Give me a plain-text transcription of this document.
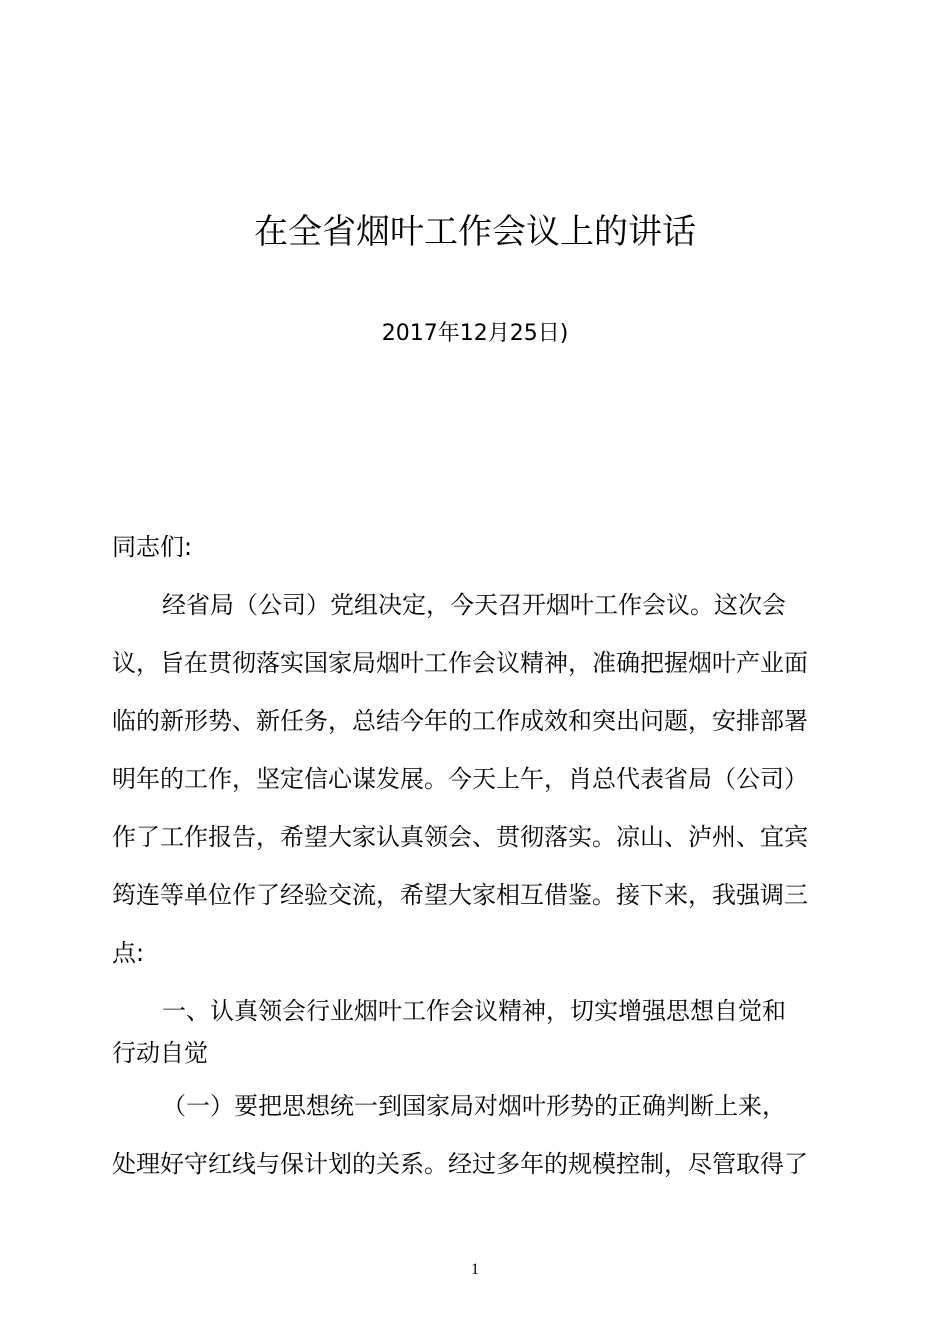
在全省烟叶工作会议上的讲话
2017年12月25日)
同志们:
经省局（公司）党组决定，今天召开烟叶工作会议。这次会
议，旨在贯彻落实国家局烟叶工作会议精神，准确把握烟叶产业面
临的新形势、新任务，总结今年的工作成效和突出问题，安排部署
明年的工作，坚定信心谋发展。今天上午，肖总代表省局（公司）
作了工作报告，希望大家认真领会、贯彻落实。凉山、泸州、宜宾
筠连等单位作了经验交流，希望大家相互借鉴。接下来，我强调三
点:
一、认真领会行业烟叶工作会议精神，切实增强思想自觉和
行动自觉
（一）要把思想统一到国家局对烟叶形势的正确判断上来，
处理好守红线与保计划的关系。经过多年的规模控制，尽管取得了
1
